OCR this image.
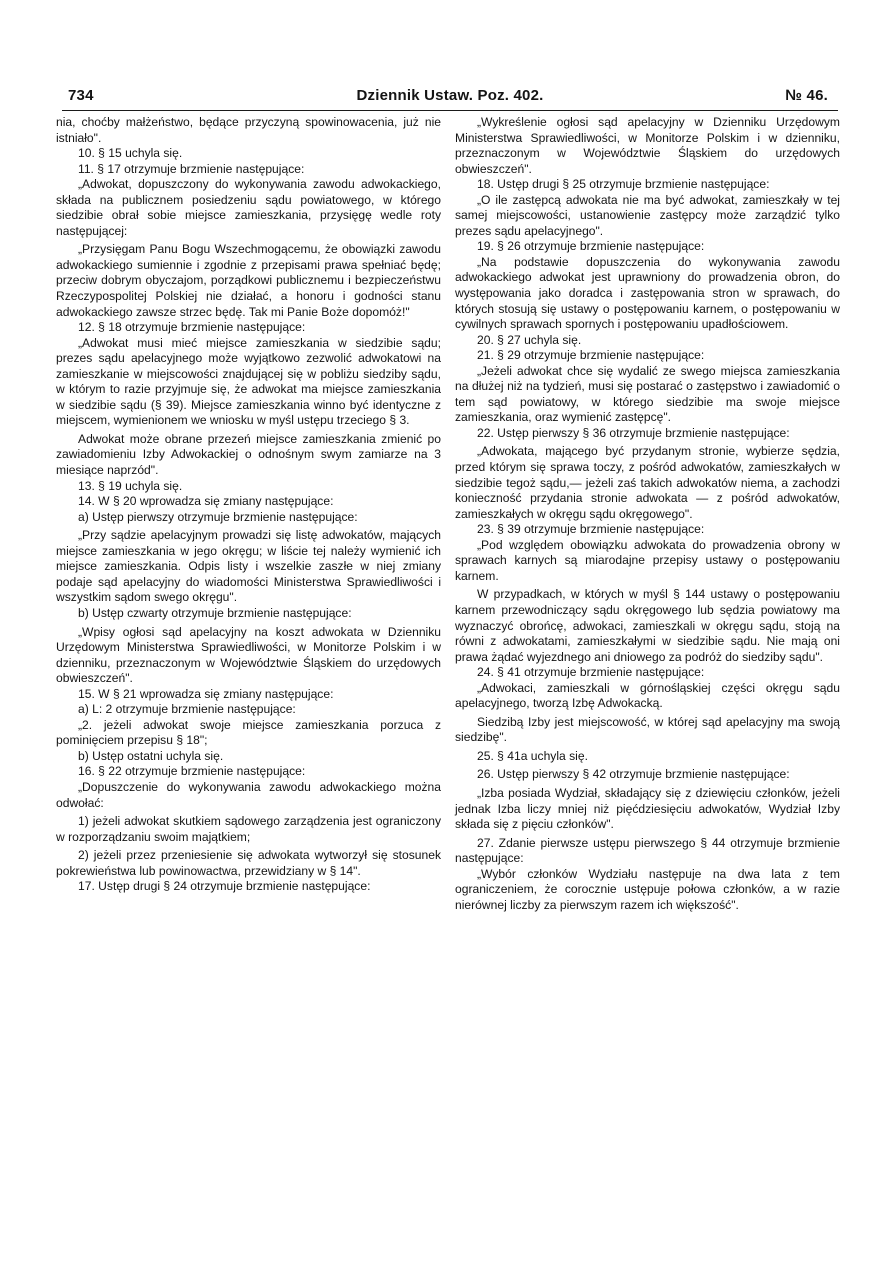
734	Dziennik Ustaw. Poz. 402.	№ 46.

nia, choćby małżeństwo, będące przyczyną spowinowacenia, już nie istniało".

10. § 15 uchyla się.

11. § 17 otrzymuje brzmienie następujące:

„Adwokat, dopuszczony do wykonywania zawodu adwokackiego, składa na publicznem posiedzeniu sądu powiatowego, w którego siedzibie obrał sobie miejsce zamieszkania, przysięgę wedle roty następującej:

„Przysięgam Panu Bogu Wszechmogącemu, że obowiązki zawodu adwokackiego sumiennie i zgodnie z przepisami prawa spełniać będę; przeciw dobrym obyczajom, porządkowi publicznemu i bezpieczeństwu Rzeczypospolitej Polskiej nie działać, a honoru i godności stanu adwokackiego zawsze strzec będę. Tak mi Panie Boże dopomóż!"

12. § 18 otrzymuje brzmienie następujące:

„Adwokat musi mieć miejsce zamieszkania w siedzibie sądu; prezes sądu apelacyjnego może wyjątkowo zezwolić adwokatowi na zamieszkanie w miejscowości znajdującej się w pobliżu siedziby sądu, w którym to razie przyjmuje się, że adwokat ma miejsce zamieszkania w siedzibie sądu (§ 39). Miejsce zamieszkania winno być identyczne z miejscem, wymienionem we wniosku w myśl ustępu trzeciego § 3.

Adwokat może obrane przezeń miejsce zamieszkania zmienić po zawiadomieniu Izby Adwokackiej o odnośnym swym zamiarze na 3 miesiące naprzód".

13. § 19 uchyla się.

14. W § 20 wprowadza się zmiany następujące:

a) Ustęp pierwszy otrzymuje brzmienie następujące:

„Przy sądzie apelacyjnym prowadzi się listę adwokatów, mających miejsce zamieszkania w jego okręgu; w liście tej należy wymienić ich miejsce zamieszkania. Odpis listy i wszelkie zaszłe w niej zmiany podaje sąd apelacyjny do wiadomości Ministerstwa Sprawiedliwości i wszystkim sądom swego okręgu".

b) Ustęp czwarty otrzymuje brzmienie następujące:

„Wpisy ogłosi sąd apelacyjny na koszt adwokata w Dzienniku Urzędowym Ministerstwa Sprawiedliwości, w Monitorze Polskim i w dzienniku, przeznaczonym w Województwie Śląskiem do urzędowych obwieszczeń".

15. W § 21 wprowadza się zmiany następujące:

a) L: 2 otrzymuje brzmienie następujące:

„2. jeżeli adwokat swoje miejsce zamieszkania porzuca z pominięciem przepisu § 18";

b) Ustęp ostatni uchyla się.

16. § 22 otrzymuje brzmienie następujące:

„Dopuszczenie do wykonywania zawodu adwokackiego można odwołać:

1) jeżeli adwokat skutkiem sądowego zarządzenia jest ograniczony w rozporządzaniu swoim majątkiem;

2) jeżeli przez przeniesienie się adwokata wytworzył się stosunek pokrewieństwa lub powinowactwa, przewidziany w § 14".

17. Ustęp drugi § 24 otrzymuje brzmienie następujące:

„Wykreślenie ogłosi sąd apelacyjny w Dzienniku Urzędowym Ministerstwa Sprawiedliwości, w Monitorze Polskim i w dzienniku, przeznaczonym w Województwie Śląskiem do urzędowych obwieszczeń".

18. Ustęp drugi § 25 otrzymuje brzmienie następujące:

„O ile zastępcą adwokata nie ma być adwokat, zamieszkały w tej samej miejscowości, ustanowienie zastępcy może zarządzić tylko prezes sądu apelacyjnego".

19. § 26 otrzymuje brzmienie następujące:

„Na podstawie dopuszczenia do wykonywania zawodu adwokackiego adwokat jest uprawniony do prowadzenia obron, do występowania jako doradca i zastępowania stron w sprawach, do których stosują się ustawy o postępowaniu karnem, o postępowaniu w cywilnych sprawach spornych i postępowaniu upadłościowem.

20. § 27 uchyla się.

21. § 29 otrzymuje brzmienie następujące:

„Jeżeli adwokat chce się wydalić ze swego miejsca zamieszkania na dłużej niż na tydzień, musi się postarać o zastępstwo i zawiadomić o tem sąd powiatowy, w którego siedzibie ma swoje miejsce zamieszkania, oraz wymienić zastępcę".

22. Ustęp pierwszy § 36 otrzymuje brzmienie następujące:

„Adwokata, mającego być przydanym stronie, wybierze sędzia, przed którym się sprawa toczy, z pośród adwokatów, zamieszkałych w siedzibie tegoż sądu,— jeżeli zaś takich adwokatów niema, a zachodzi konieczność przydania stronie adwokata — z pośród adwokatów, zamieszkałych w okręgu sądu okręgowego".

23. § 39 otrzymuje brzmienie następujące:

„Pod względem obowiązku adwokata do prowadzenia obrony w sprawach karnych są miarodajne przepisy ustawy o postępowaniu karnem.

W przypadkach, w których w myśl § 144 ustawy o postępowaniu karnem przewodniczący sądu okręgowego lub sędzia powiatowy ma wyznaczyć obrońcę, adwokaci, zamieszkali w okręgu sądu, stoją na równi z adwokatami, zamieszkałymi w siedzibie sądu. Nie mają oni prawa żądać wyjezdnego ani dniowego za podróż do siedziby sądu".

24. § 41 otrzymuje brzmienie następujące:

„Adwokaci, zamieszkali w górnośląskiej części okręgu sądu apelacyjnego, tworzą Izbę Adwokacką.

Siedzibą Izby jest miejscowość, w której sąd apelacyjny ma swoją siedzibę".

25. § 41a uchyla się.

26. Ustęp pierwszy § 42 otrzymuje brzmienie następujące:

„Izba posiada Wydział, składający się z dziewięciu członków, jeżeli jednak Izba liczy mniej niż pięćdziesięciu adwokatów, Wydział Izby składa się z pięciu członków".

27. Zdanie pierwsze ustępu pierwszego § 44 otrzymuje brzmienie następujące:

„Wybór członków Wydziału następuje na dwa lata z tem ograniczeniem, że corocznie ustępuje połowa członków, a w razie nierównej liczby za pierwszym razem ich większość".
